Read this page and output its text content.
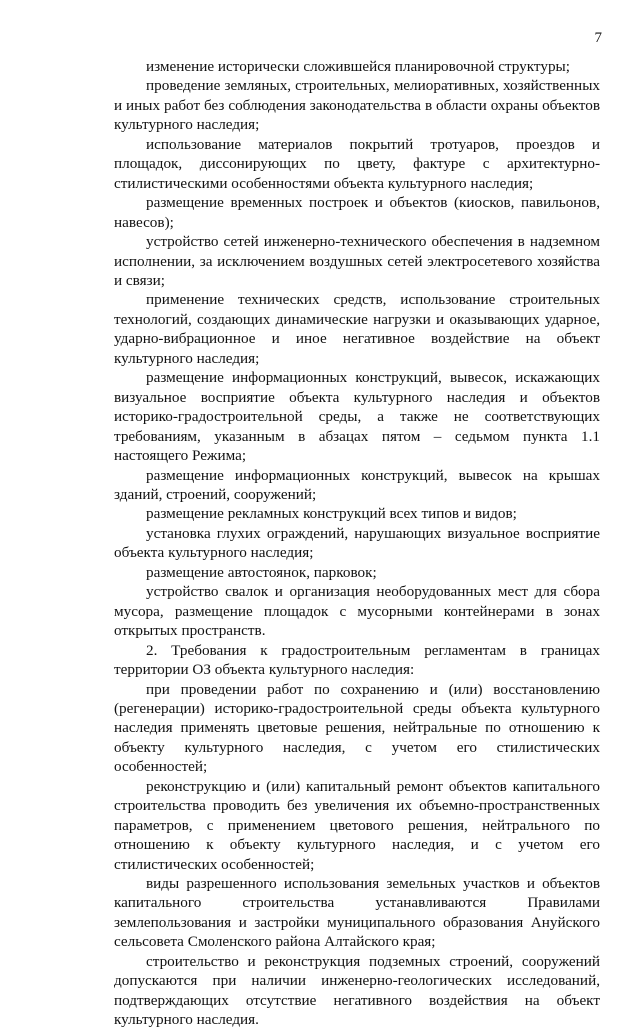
7

изменение исторически сложившейся планировочной структуры;

проведение земляных, строительных, мелиоративных, хозяйственных и иных работ без соблюдения законодательства в области охраны объектов культурного наследия;

использование материалов покрытий тротуаров, проездов и площадок, диссонирующих по цвету, фактуре с архитектурно-стилистическими особенностями объекта культурного наследия;

размещение временных построек и объектов (киосков, павильонов, навесов);

устройство сетей инженерно-технического обеспечения в надземном исполнении, за исключением воздушных сетей электросетевого хозяйства и связи;

применение технических средств, использование строительных технологий, создающих динамические нагрузки и оказывающих ударное, ударно-вибрационное и иное негативное воздействие на объект культурного наследия;

размещение информационных конструкций, вывесок, искажающих визуальное восприятие объекта культурного наследия и объектов историко-градостроительной среды, а также не соответствующих требованиям, указанным в абзацах пятом – седьмом пункта 1.1 настоящего Режима;

размещение информационных конструкций, вывесок на крышах зданий, строений, сооружений;

размещение рекламных конструкций всех типов и видов;

установка глухих ограждений, нарушающих визуальное восприятие объекта культурного наследия;

размещение автостоянок, парковок;

устройство свалок и организация необорудованных мест для сбора мусора, размещение площадок с мусорными контейнерами в зонах открытых пространств.

2. Требования к градостроительным регламентам в границах территории ОЗ объекта культурного наследия:

при проведении работ по сохранению и (или) восстановлению (регенерации) историко-градостроительной среды объекта культурного наследия применять цветовые решения, нейтральные по отношению к объекту культурного наследия, с учетом его стилистических особенностей;

реконструкцию и (или) капитальный ремонт объектов капитального строительства проводить без увеличения их объемно-пространственных параметров, с применением цветового решения, нейтрального по отношению к объекту культурного наследия, и с учетом его стилистических особенностей;

виды разрешенного использования земельных участков и объектов капитального строительства устанавливаются Правилами землепользования и застройки муниципального образования Ануйского сельсовета Смоленского района Алтайского края;

строительство и реконструкция подземных строений, сооружений допускаются при наличии инженерно-геологических исследований, подтверждающих отсутствие негативного воздействия на объект культурного наследия.
